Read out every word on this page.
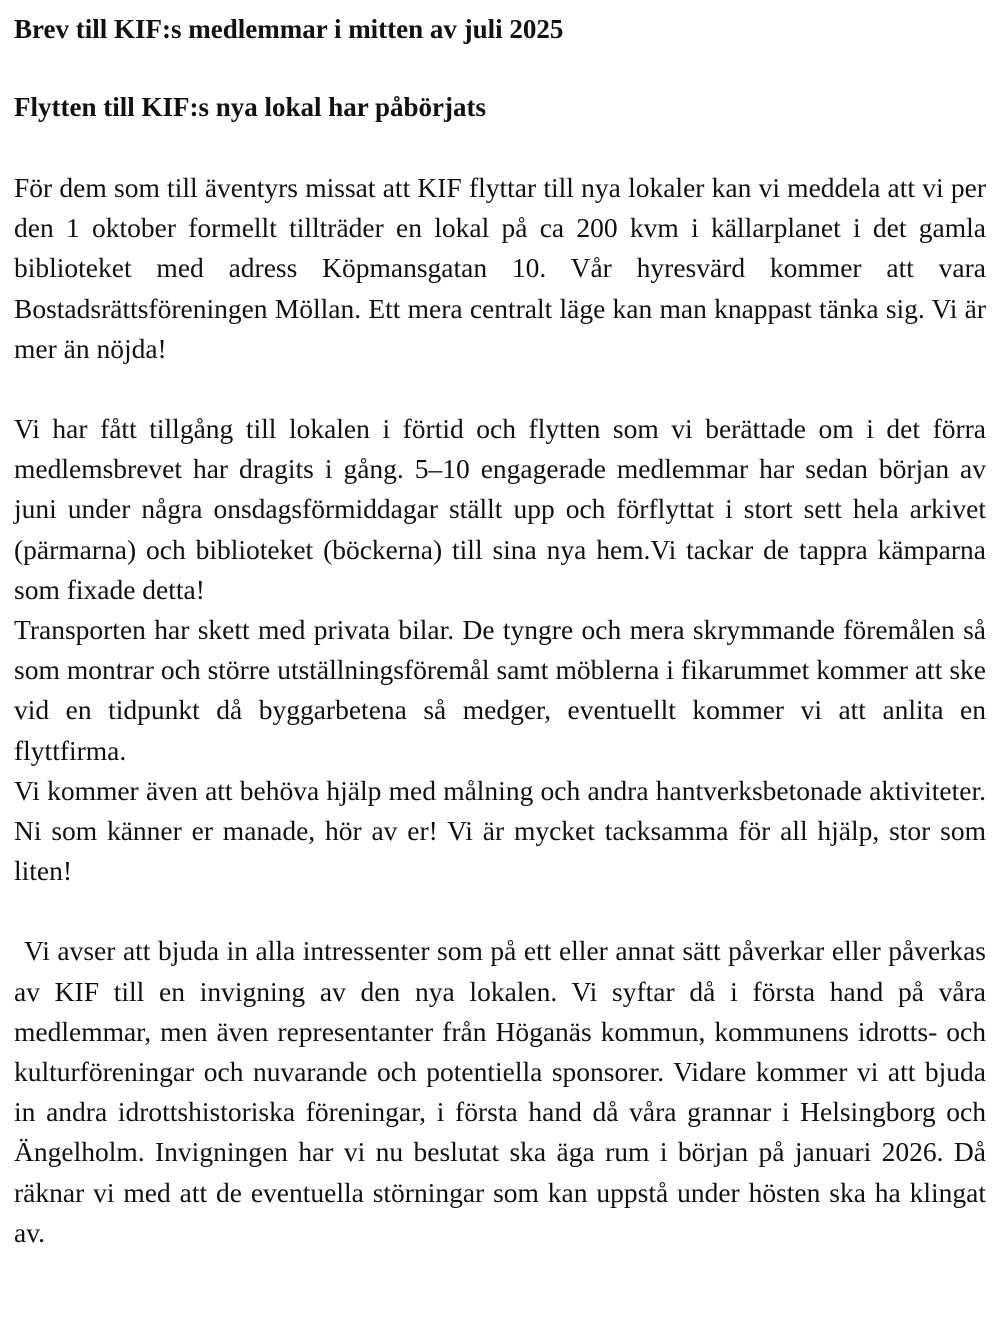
Brev till KIF:s medlemmar i mitten av juli 2025
Flytten till KIF:s nya lokal har påbörjats

För dem som till äventyrs missat att KIF flyttar till nya lokaler kan vi meddela att vi per den 1 oktober formellt tillträder en lokal på ca 200 kvm i källarplanet i det gamla biblioteket med adress Köpmansgatan 10. Vår hyresvärd kommer att vara Bostadsrättsföreningen Möllan. Ett mera centralt läge kan man knappast tänka sig. Vi är mer än nöjda!

Vi har fått tillgång till lokalen i förtid och flytten som vi berättade om i det förra medlemsbrevet har dragits i gång. 5–10 engagerade medlemmar har sedan början av juni under några onsdagsförmiddagar ställt upp och förflyttat i stort sett hela arkivet (pärmarna) och biblioteket (böckerna) till sina nya hem.Vi tackar de tappra kämparna som fixade detta!

Transporten har skett med privata bilar. De tyngre och mera skrymmande föremålen så som montrar och större utställningsföremål samt möblerna i fikarummet kommer att ske vid en tidpunkt då byggarbetena så medger, eventuellt kommer vi att anlita en flyttfirma.

Vi kommer även att behöva hjälp med målning och andra hantverksbetonade aktiviteter. Ni som känner er manade, hör av er! Vi är mycket tacksamma för all hjälp, stor som liten!

Vi avser att bjuda in alla intressenter som på ett eller annat sätt påverkar eller påverkas av KIF till en invigning av den nya lokalen. Vi syftar då i första hand på våra medlemmar, men även representanter från Höganäs kommun, kommunens idrotts- och kulturföreningar och nuvarande och potentiella sponsorer. Vidare kommer vi att bjuda in andra idrottshistoriska föreningar, i första hand då våra grannar i Helsingborg och Ängelholm. Invigningen har vi nu beslutat ska äga rum i början på januari 2026. Då räknar vi med att de eventuella störningar som kan uppstå under hösten ska ha klingat av.
